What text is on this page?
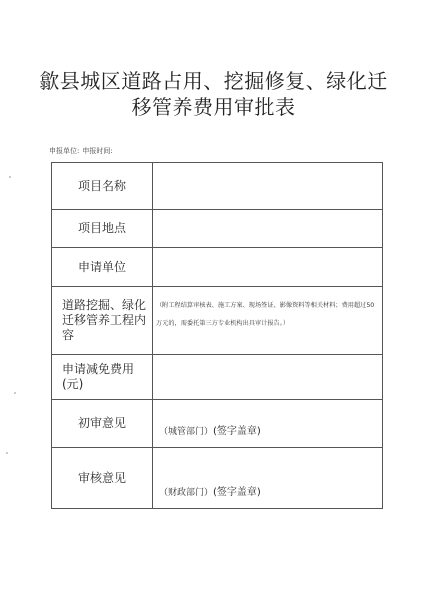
歙县城区道路占用、挖掘修复、绿化迁
移管养费用审批表
申报单位: 申报时间:
项目名称	
项目地点	
申请单位	
道路挖掘、绿化迁移管养工程内容	（附工程结算审核表、施工方案、现场签证、影像资料等相关材料；费用超过50万元的，需委托第三方专业机构出具审计报告。）

申请减免费用(元)	
初审意见	（城管部门）(签字盖章)

审核意见	（财政部门）(签字盖章)
